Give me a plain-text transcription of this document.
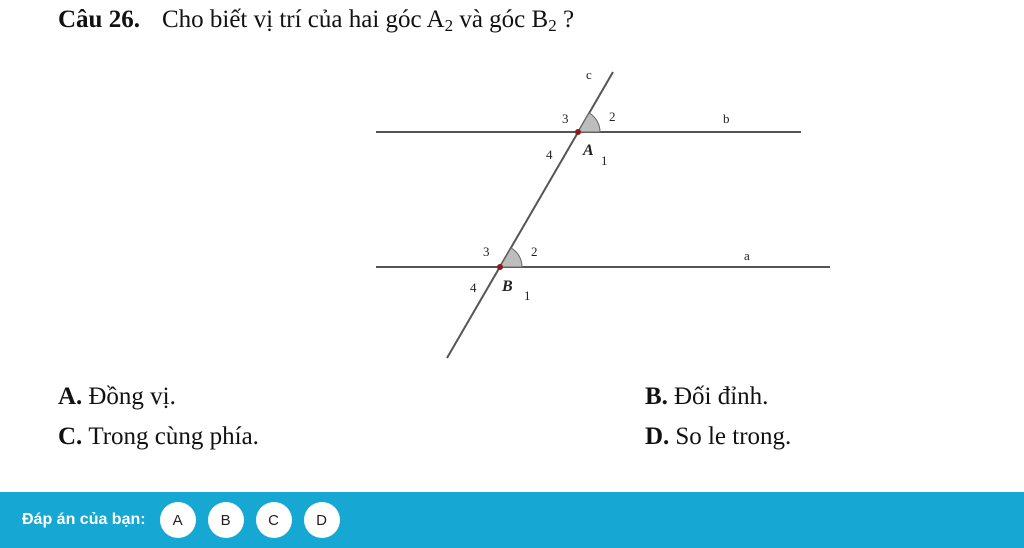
Câu 26. Cho biết vị trí của hai góc $A_2$ và góc $B_2$ ?
c
b
a
3	2
4 A
1
3	2
4 B
1
A. Đồng vị.	B. Đối đỉnh.
C. Trong cùng phía.	D. So le trong.
Đáp án của bạn:	A	B	C	D
